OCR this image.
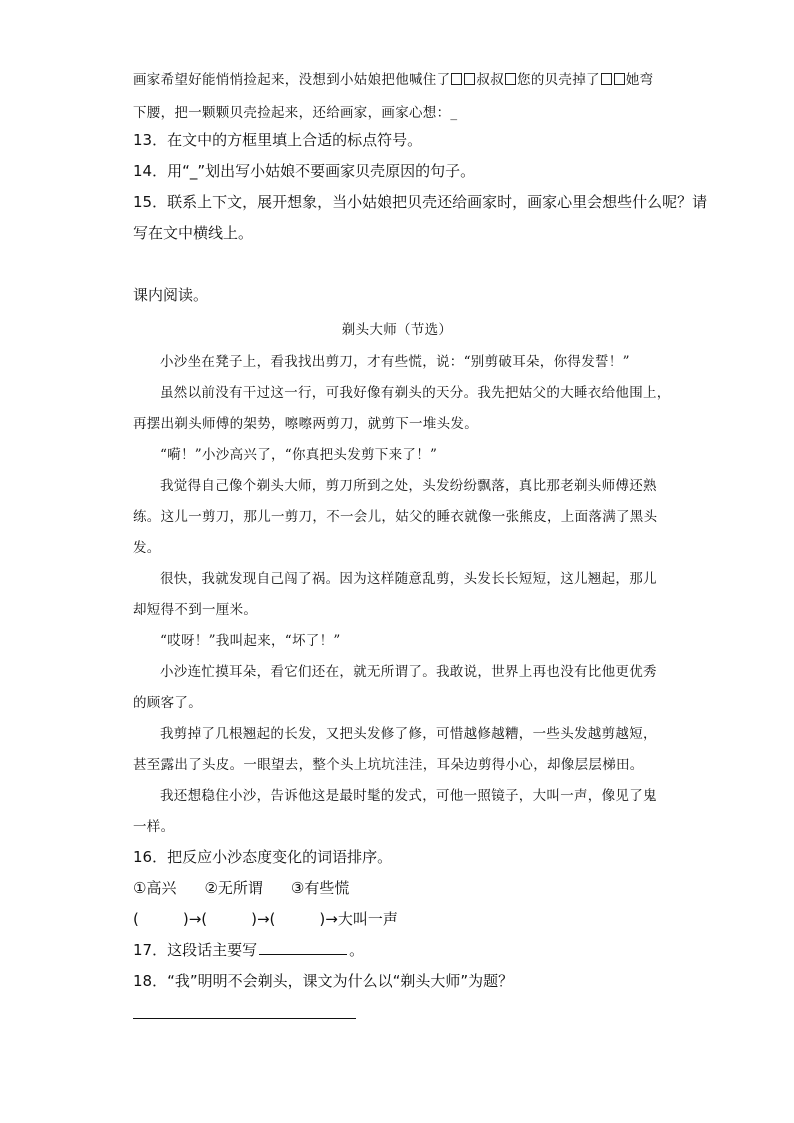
画家希望好能悄悄捡起来，没想到小姑娘把他喊住了 叔叔 您的贝壳掉了 她弯
下腰，把一颗颗贝壳捡起来，还给画家，画家心想：_
13．在文中的方框里填上合适的标点符号。
14．用“_”划出写小姑娘不要画家贝壳原因的句子。
15．联系上下文，展开想象，当小姑娘把贝壳还给画家时，画家心里会想些什么呢？请
写在文中横线上。
课内阅读。
剃头大师（节选）
小沙坐在凳子上，看我找出剪刀，才有些慌，说：“别剪破耳朵，你得发誓！”
虽然以前没有干过这一行，可我好像有剃头的天分。我先把姑父的大睡衣给他围上，
再摆出剃头师傅的架势，嚓嚓两剪刀，就剪下一堆头发。
“嗬！”小沙高兴了，“你真把头发剪下来了！”
我觉得自己像个剃头大师，剪刀所到之处，头发纷纷飘落，真比那老剃头师傅还熟
练。这儿一剪刀，那儿一剪刀，不一会儿，姑父的睡衣就像一张熊皮，上面落满了黑头
发。
很快，我就发现自己闯了祸。因为这样随意乱剪，头发长长短短，这儿翘起，那儿
却短得不到一厘米。
“哎呀！”我叫起来，“坏了！”
小沙连忙摸耳朵，看它们还在，就无所谓了。我敢说，世界上再也没有比他更优秀
的顾客了。
我剪掉了几根翘起的长发，又把头发修了修，可惜越修越糟，一些头发越剪越短，
甚至露出了头皮。一眼望去，整个头上坑坑洼洼，耳朵边剪得小心，却像层层梯田。
我还想稳住小沙，告诉他这是最时髦的发式，可他一照镜子，大叫一声，像见了鬼
一样。
16．把反应小沙态度变化的词语排序。
①高兴 ②无所谓 ③有些慌
(	)→(	)→(	)→大叫一声
17．这段话主要写	。
18．“我”明明不会剃头，课文为什么以“剃头大师”为题？
